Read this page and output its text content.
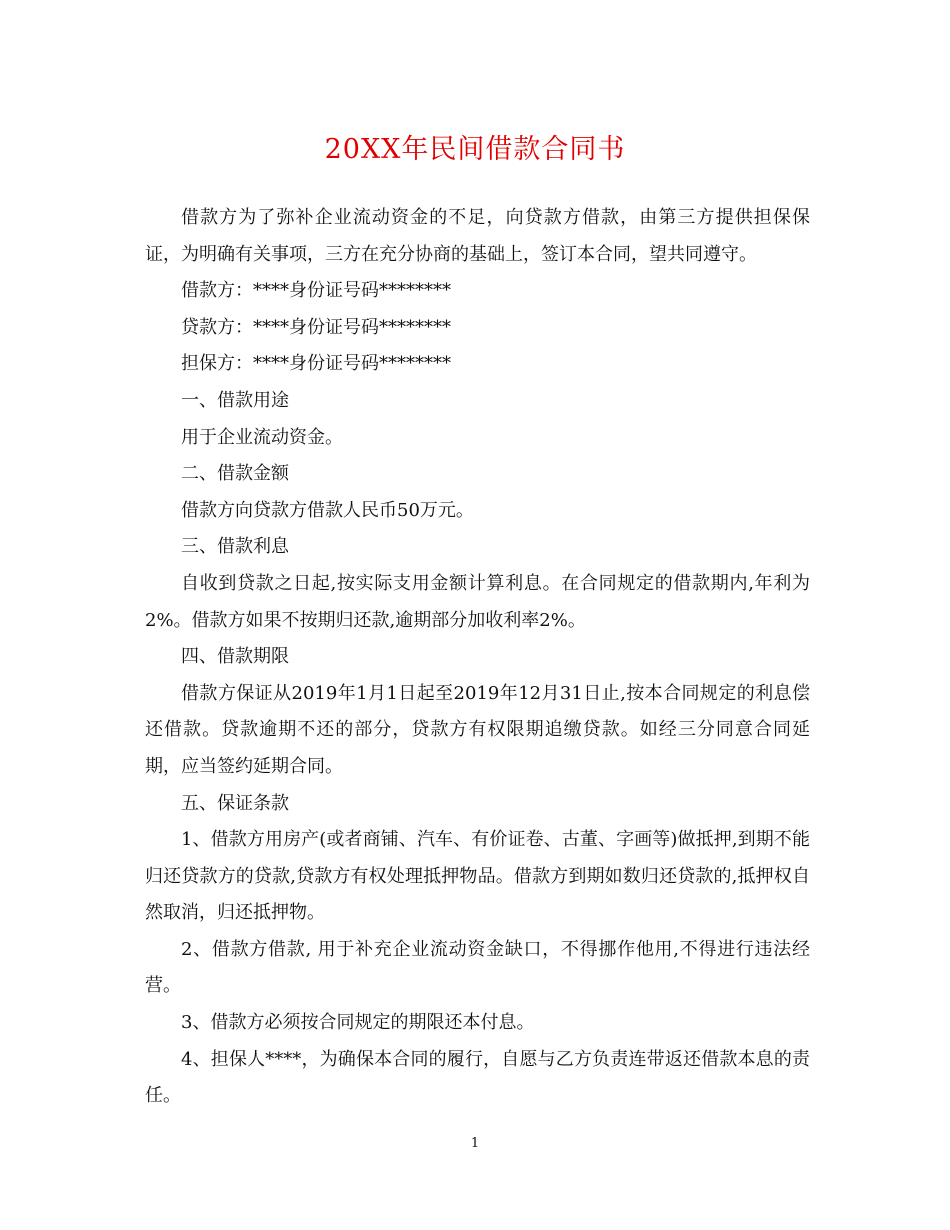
20XX年民间借款合同书

借款方为了弥补企业流动资金的不足，向贷款方借款，由第三方提供担保保证，为明确有关事项，三方在充分协商的基础上，签订本合同，望共同遵守。

借款方：****身份证号码********

贷款方：****身份证号码********

担保方：****身份证号码********

一、借款用途

用于企业流动资金。

二、借款金额

借款方向贷款方借款人民币50万元。

三、借款利息

自收到贷款之日起,按实际支用金额计算利息。在合同规定的借款期内,年利为2%。借款方如果不按期归还款,逾期部分加收利率2%。

四、借款期限

借款方保证从2019年1月1日起至2019年12月31日止,按本合同规定的利息偿还借款。贷款逾期不还的部分，贷款方有权限期追缴贷款。如经三分同意合同延期，应当签约延期合同。

五、保证条款

1、借款方用房产(或者商铺、汽车、有价证卷、古董、字画等)做抵押,到期不能归还贷款方的贷款,贷款方有权处理抵押物品。借款方到期如数归还贷款的,抵押权自然取消，归还抵押物。

2、借款方借款, 用于补充企业流动资金缺口，不得挪作他用,不得进行违法经营。

3、借款方必须按合同规定的期限还本付息。

4、担保人****，为确保本合同的履行，自愿与乙方负责连带返还借款本息的责任。

1
